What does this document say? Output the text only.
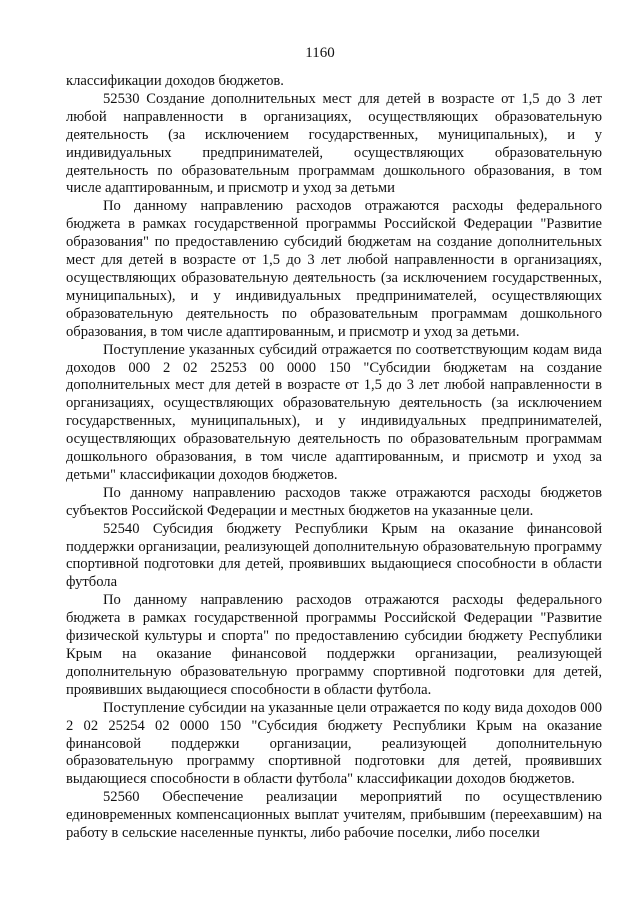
1160

классификации доходов бюджетов.

52530 Создание дополнительных мест для детей в возрасте от 1,5 до 3 лет любой направленности в организациях, осуществляющих образовательную деятельность (за исключением государственных, муниципальных), и у индивидуальных предпринимателей, осуществляющих образовательную деятельность по образовательным программам дошкольного образования, в том числе адаптированным, и присмотр и уход за детьми

По данному направлению расходов отражаются расходы федерального бюджета в рамках государственной программы Российской Федерации "Развитие образования" по предоставлению субсидий бюджетам на создание дополнительных мест для детей в возрасте от 1,5 до 3 лет любой направленности в организациях, осуществляющих образовательную деятельность (за исключением государственных, муниципальных), и у индивидуальных предпринимателей, осуществляющих образовательную деятельность по образовательным программам дошкольного образования, в том числе адаптированным, и присмотр и уход за детьми.

Поступление указанных субсидий отражается по соответствующим кодам вида доходов 000 2 02 25253 00 0000 150 "Субсидии бюджетам на создание дополнительных мест для детей в возрасте от 1,5 до 3 лет любой направленности в организациях, осуществляющих образовательную деятельность (за исключением государственных, муниципальных), и у индивидуальных предпринимателей, осуществляющих образовательную деятельность по образовательным программам дошкольного образования, в том числе адаптированным, и присмотр и уход за детьми" классификации доходов бюджетов.

По данному направлению расходов также отражаются расходы бюджетов субъектов Российской Федерации и местных бюджетов на указанные цели.

52540 Субсидия бюджету Республики Крым на оказание финансовой поддержки организации, реализующей дополнительную образовательную программу спортивной подготовки для детей, проявивших выдающиеся способности в области футбола

По данному направлению расходов отражаются расходы федерального бюджета в рамках государственной программы Российской Федерации "Развитие физической культуры и спорта" по предоставлению субсидии бюджету Республики Крым на оказание финансовой поддержки организации, реализующей дополнительную образовательную программу спортивной подготовки для детей, проявивших выдающиеся способности в области футбола.

Поступление субсидии на указанные цели отражается по коду вида доходов 000 2 02 25254 02 0000 150 "Субсидия бюджету Республики Крым на оказание финансовой поддержки организации, реализующей дополнительную образовательную программу спортивной подготовки для детей, проявивших выдающиеся способности в области футбола" классификации доходов бюджетов.

52560 Обеспечение реализации мероприятий по осуществлению единовременных компенсационных выплат учителям, прибывшим (переехавшим) на работу в сельские населенные пункты, либо рабочие поселки, либо поселки
